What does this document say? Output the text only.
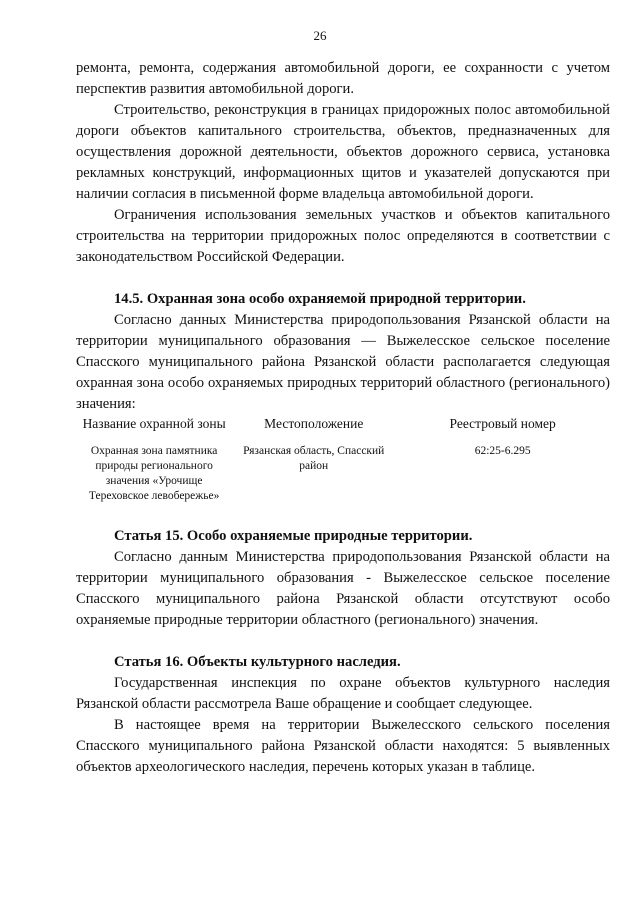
26

ремонта, ремонта, содержания автомобильной дороги, ее сохранности с учетом перспектив развития автомобильной дороги.

Строительство, реконструкция в границах придорожных полос автомобильной дороги объектов капитального строительства, объектов, предназначенных для осуществления дорожной деятельности, объектов дорожного сервиса, установка рекламных конструкций, информационных щитов и указателей допускаются при наличии согласия в письменной форме владельца автомобильной дороги.

Ограничения использования земельных участков и объектов капитального строительства на территории придорожных полос определяются в соответствии с законодательством Российской Федерации.

14.5. Охранная зона особо охраняемой природной территории.

Согласно данных Министерства природопользования Рязанской области на территории муниципального образования — Выжелесское сельское поселение Спасского муниципального района Рязанской области располагается следующая охранная зона особо охраняемых природных территорий областного (регионального) значения:

Название охранной зоны	Местоположение	Реестровый номер
Охранная зона памятника природы регионального значения «Урочище Тереховское левобережье»	Рязанская область, Спасский район	62:25-6.295

Статья 15. Особо охраняемые природные территории.

Согласно данным Министерства природопользования Рязанской области на территории муниципального образования - Выжелесское сельское поселение Спасского муниципального района Рязанской области отсутствуют особо охраняемые природные территории областного (регионального) значения.

Статья 16. Объекты культурного наследия.

Государственная инспекция по охране объектов культурного наследия Рязанской области рассмотрела Ваше обращение и сообщает следующее.

В настоящее время на территории Выжелесского сельского поселения Спасского муниципального района Рязанской области находятся: 5 выявленных объектов археологического наследия, перечень которых указан в таблице.
